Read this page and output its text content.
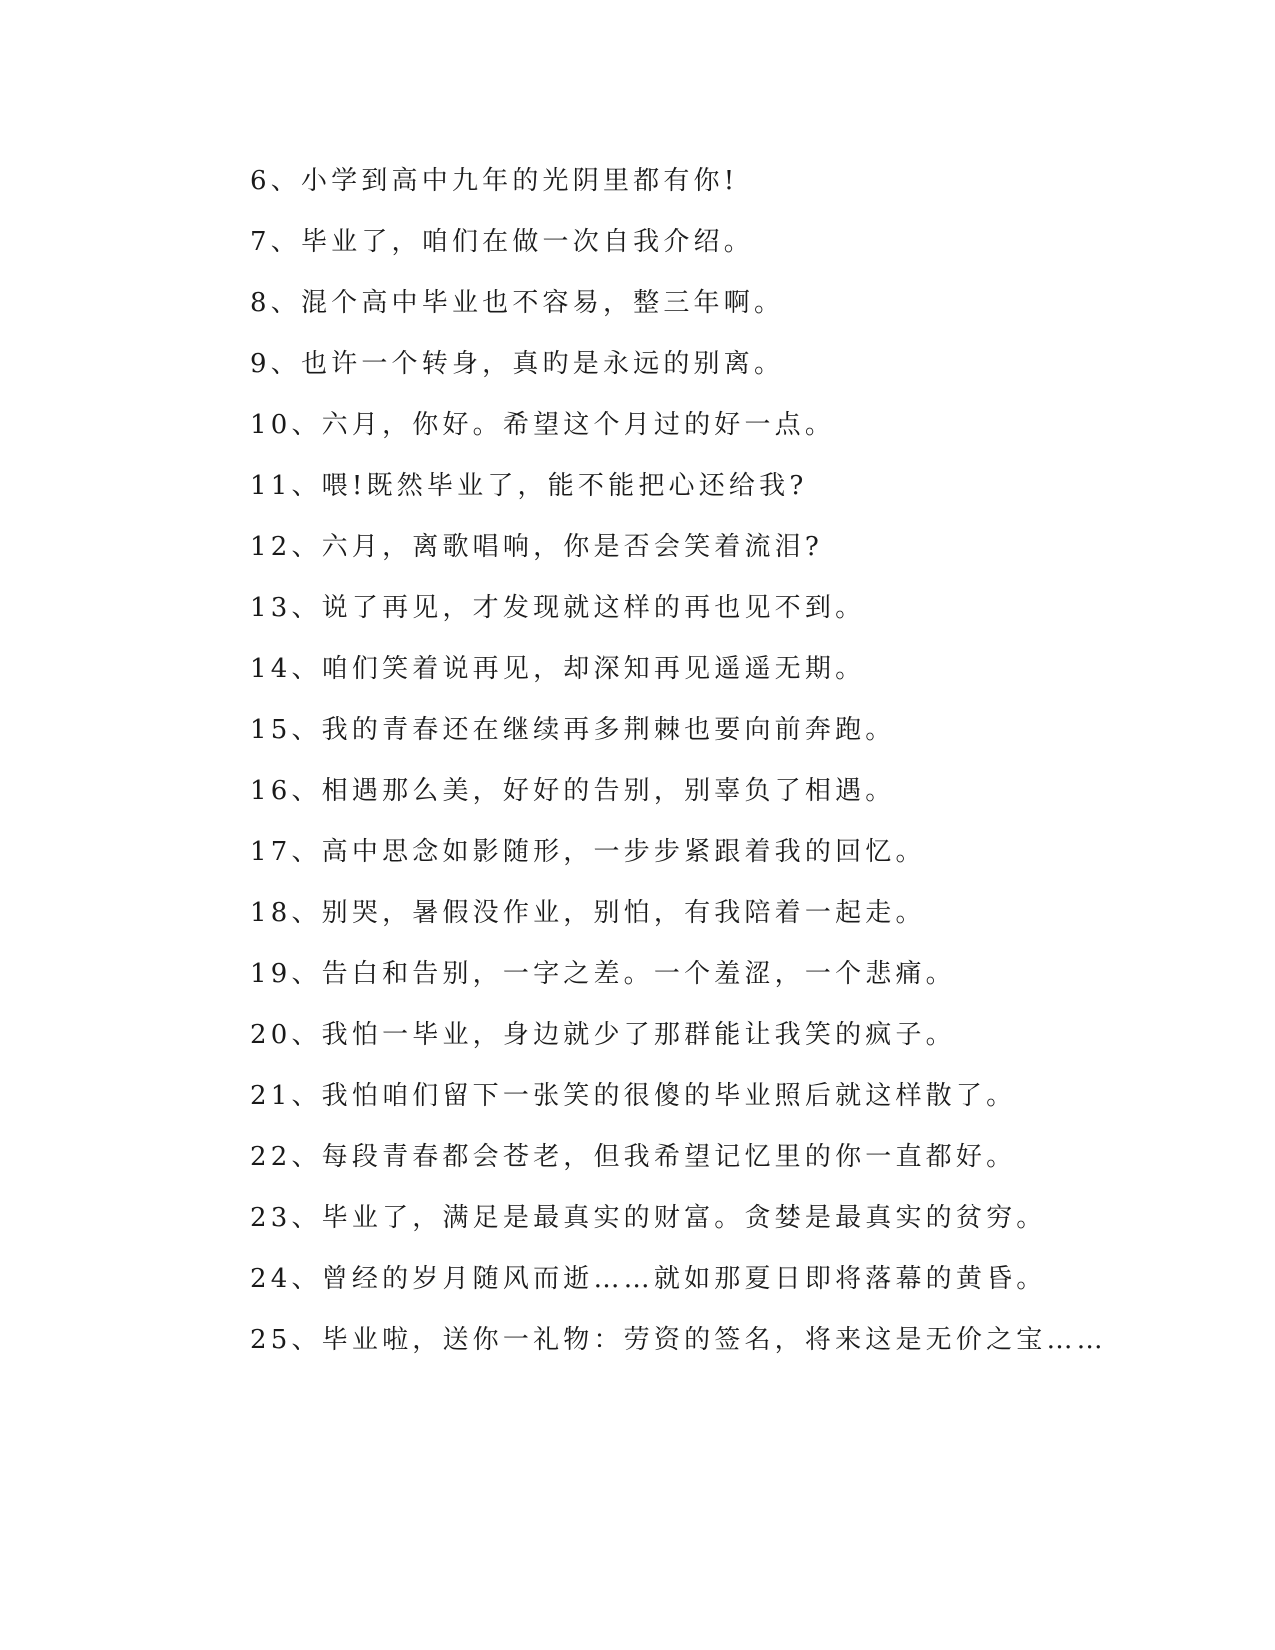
6、小学到高中九年的光阴里都有你!
7、毕业了，咱们在做一次自我介绍。
8、混个高中毕业也不容易，整三年啊。
9、也许一个转身，真旳是永远的别离。
10、六月，你好。希望这个月过的好一点。
11、喂!既然毕业了，能不能把心还给我?
12、六月，离歌唱响，你是否会笑着流泪?
13、说了再见，才发现就这样的再也见不到。
14、咱们笑着说再见，却深知再见遥遥无期。
15、我的青春还在继续再多荆棘也要向前奔跑。
16、相遇那么美，好好的告别，别辜负了相遇。
17、高中思念如影随形，一步步紧跟着我的回忆。
18、别哭，暑假没作业，别怕，有我陪着一起走。
19、告白和告别，一字之差。一个羞涩，一个悲痛。
20、我怕一毕业，身边就少了那群能让我笑的疯子。
21、我怕咱们留下一张笑的很傻的毕业照后就这样散了。
22、每段青春都会苍老，但我希望记忆里的你一直都好。
23、毕业了，满足是最真实的财富。贪婪是最真实的贫穷。
24、曾经的岁月随风而逝……就如那夏日即将落幕的黄昏。
25、毕业啦，送你一礼物：劳资的签名，将来这是无价之宝……
